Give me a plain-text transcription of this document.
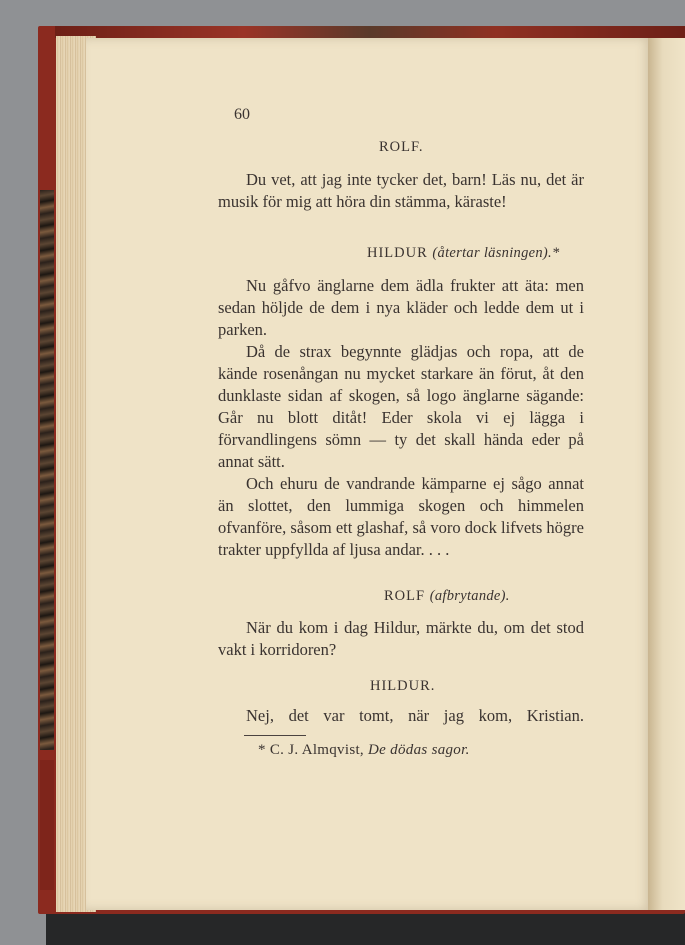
60
ROLF.

Du vet, att jag inte tycker det, barn! Läs nu, det är musik för mig att höra din stämma, käraste!

HILDUR (återtar läsningen).*

Nu gåfvo änglarne dem ädla frukter att äta: men sedan höljde de dem i nya kläder och ledde dem ut i parken.

Då de strax begynnte glädjas och ropa, att de kände rosenångan nu mycket starkare än förut, åt den dunklaste sidan af skogen, så logo änglarne sägande: Går nu blott ditåt! Eder skola vi ej lägga i förvandlingens sömn — ty det skall hända eder på annat sätt.

Och ehuru de vandrande kämparne ej sågo annat än slottet, den lummiga skogen och himmelen ofvanföre, såsom ett glashaf, så voro dock lifvets högre trakter uppfyllda af ljusa andar. . . .

ROLF (afbrytande).

När du kom i dag Hildur, märkte du, om det stod vakt i korridoren?

HILDUR.

Nej, det var tomt, när jag kom, Kristian.

* C. J. Almqvist, De dödas sagor.
